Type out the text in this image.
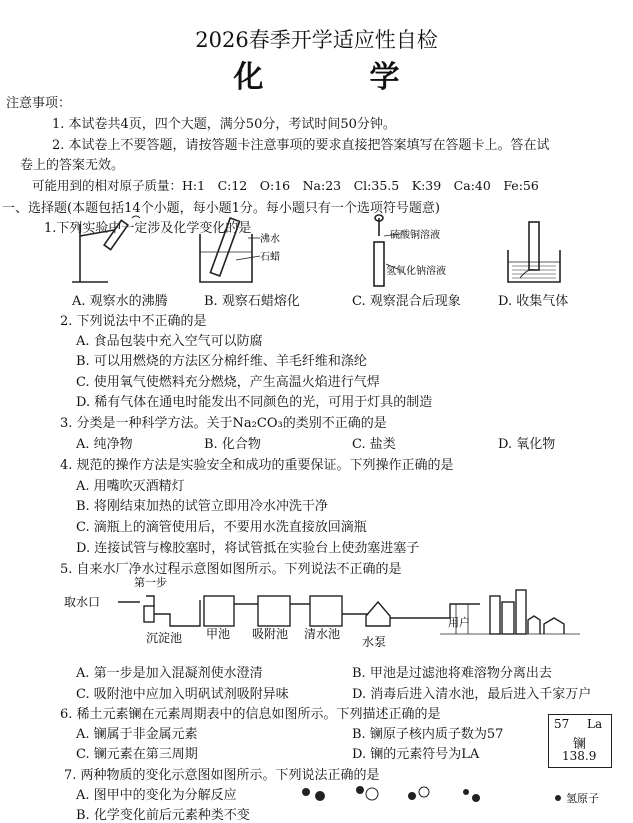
2026春季开学适应性自检
化　学
注意事项：
1. 本试卷共4页，四个大题，满分50分，考试时间50分钟。
2. 本试卷上不要答题，请按答题卡注意事项的要求直接把答案填写在答题卡上。答在试
卷上的答案无效。
可能用到的相对原子质量：H:1　C:12　O:16　Na:23　Cl:35.5　K:39　Ca:40　Fe:56
一、选择题(本题包括14个小题，每小题1分。每小题只有一个选项符号题意)
1.下列实验中一定涉及化学变化的是
沸水
石蜡
硫酸铜溶液
氢氧化钠溶液
A. 观察水的沸腾	B. 观察石蜡熔化	C. 观察混合后现象	D. 收集气体
2. 下列说法中不正确的是
A. 食品包装中充入空气可以防腐
B. 可以用燃烧的方法区分棉纤维、羊毛纤维和涤纶
C. 使用氧气使燃料充分燃烧，产生高温火焰进行气焊
D. 稀有气体在通电时能发出不同颜色的光，可用于灯具的制造
3. 分类是一种科学方法。关于Na₂CO₃的类别不正确的是
A. 纯净物	B. 化合物	C. 盐类	D. 氧化物
4. 规范的操作方法是实验安全和成功的重要保证。下列操作正确的是
A. 用嘴吹灭酒精灯
B. 将刚结束加热的试管立即用冷水冲洗干净
C. 滴瓶上的滴管使用后，不要用水洗直接放回滴瓶
D. 连接试管与橡胶塞时，将试管抵在实验台上使劲塞进塞子
5. 自来水厂净水过程示意图如图所示。下列说法不正确的是
取水口
第一步
沉淀池 甲池 吸附池 清水池
水泵
用户
A. 第一步是加入混凝剂使水澄清	B. 甲池是过滤池将难溶物分离出去
C. 吸附池中应加入明矾试剂吸附异味	D. 消毒后进入清水池，最后进入千家万户
6. 稀土元素镧在元素周期表中的信息如图所示。下列描述正确的是
A. 镧属于非金属元素	B. 镧原子核内质子数为57
C. 镧元素在第三周期	D. 镧的元素符号为LA
57 La
镧
138.9
7. 两种物质的变化示意图如图所示。下列说法正确的是
A. 图甲中的变化为分解反应
B. 化学变化前后元素种类不变
氢原子
